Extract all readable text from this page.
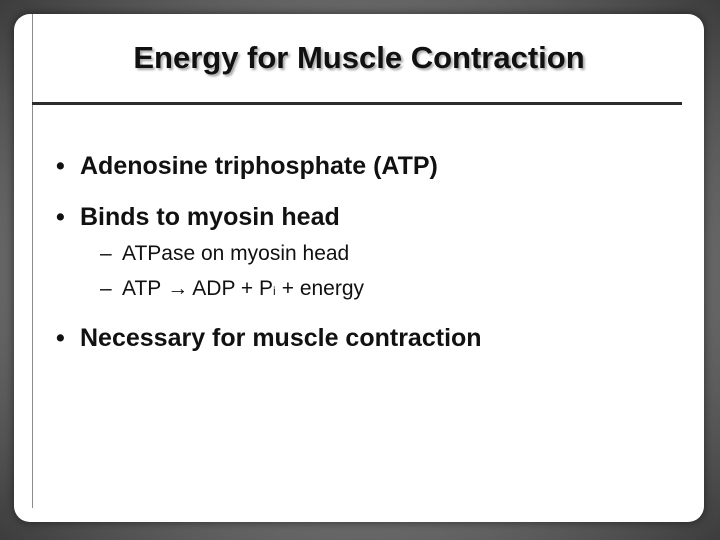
Energy for Muscle Contraction
• Adenosine triphosphate (ATP)
• Binds to myosin head
– ATPase on myosin head
– ATP → ADP + P i + energy
• Necessary for muscle contraction
